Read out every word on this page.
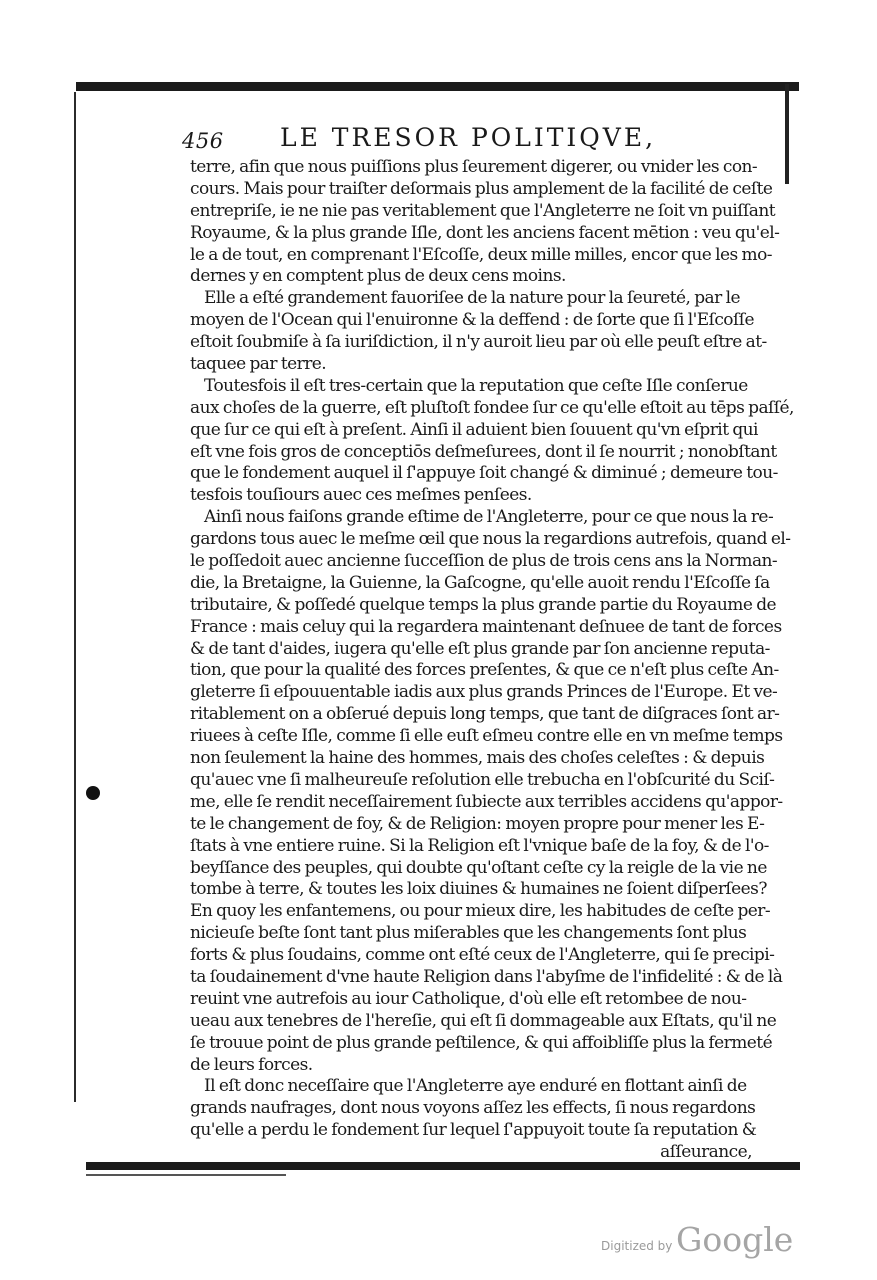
456 LE TRESOR POLITIQVE,
terre, afin que nous puiſſions plus ſeurement digerer, ou vnider les con-
cours. Mais pour traiſter deſormais plus amplement de la facilité de ceſte
entrepriſe, ie ne nie pas veritablement que l'Angleterre ne ſoit vn puiſſant
Royaume, & la plus grande Iſle, dont les anciens facent mētion : veu qu'el-
le a de tout, en comprenant l'Eſcoſſe, deux mille milles, encor que les mo-
dernes y en comptent plus de deux cens moins.
Elle a eſté grandement fauoriſee de la nature pour la ſeureté, par le
moyen de l'Ocean qui l'enuironne & la deffend : de ſorte que ſi l'Eſcoſſe
eſtoit ſoubmiſe à ſa iuriſdiction, il n'y auroit lieu par où elle peuſt eſtre at-
taquee par terre.
Toutesfois il eſt tres-certain que la reputation que ceſte Iſle conſerue
aux choſes de la guerre, eſt pluſtoſt fondee ſur ce qu'elle eſtoit au tēps paſſé,
que ſur ce qui eſt à preſent. Ainſi il aduient bien ſouuent qu'vn eſprit qui
eſt vne fois gros de conceptiōs deſmeſurees, dont il ſe nourrit ; nonobſtant
que le fondement auquel il ſ'appuye ſoit changé & diminué ; demeure tou-
tesfois touſiours auec ces meſmes penſees.
Ainſi nous faiſons grande eſtime de l'Angleterre, pour ce que nous la re-
gardons tous auec le meſme œil que nous la regardions autrefois, quand el-
le poſſedoit auec ancienne ſucceſſion de plus de trois cens ans la Norman-
die, la Bretaigne, la Guienne, la Gaſcogne, qu'elle auoit rendu l'Eſcoſſe ſa
tributaire, & poſſedé quelque temps la plus grande partie du Royaume de
France : mais celuy qui la regardera maintenant deſnuee de tant de forces
& de tant d'aides, iugera qu'elle eſt plus grande par ſon ancienne reputa-
tion, que pour la qualité des forces preſentes, & que ce n'eſt plus ceſte An-
gleterre ſi eſpouuentable iadis aux plus grands Princes de l'Europe. Et ve-
ritablement on a obſerué depuis long temps, que tant de diſgraces ſont ar-
riuees à ceſte Iſle, comme ſi elle euſt eſmeu contre elle en vn meſme temps
non ſeulement la haine des hommes, mais des choſes celeſtes : & depuis
qu'auec vne ſi malheureuſe reſolution elle trebucha en l'obſcurité du Sciſ-
me, elle ſe rendit neceſſairement ſubiecte aux terribles accidens qu'appor-
te le changement de foy, & de Religion: moyen propre pour mener les E-
ſtats à vne entiere ruine. Si la Religion eſt l'vnique baſe de la foy, & de l'o-
beyſſance des peuples, qui doubte qu'oſtant ceſte cy la reigle de la vie ne
tombe à terre, & toutes les loix diuines & humaines ne ſoient diſperſees?
En quoy les enfantemens, ou pour mieux dire, les habitudes de ceſte per-
nicieuſe beſte ſont tant plus miſerables que les changements ſont plus
forts & plus ſoudains, comme ont eſté ceux de l'Angleterre, qui ſe precipi-
ta ſoudainement d'vne haute Religion dans l'abyſme de l'infidelité : & de là
reuint vne autrefois au iour Catholique, d'où elle eſt retombee de nou-
ueau aux tenebres de l'hereſie, qui eſt ſi dommageable aux Eſtats, qu'il ne
ſe trouue point de plus grande peſtilence, & qui affoibliſſe plus la fermeté
de leurs forces.
Il eſt donc neceſſaire que l'Angleterre aye enduré en flottant ainſi de
grands naufrages, dont nous voyons aſſez les effects, ſi nous regardons
qu'elle a perdu le fondement ſur lequel ſ'appuyoit toute ſa reputation &
aſſeurance,
Digitized by Google
